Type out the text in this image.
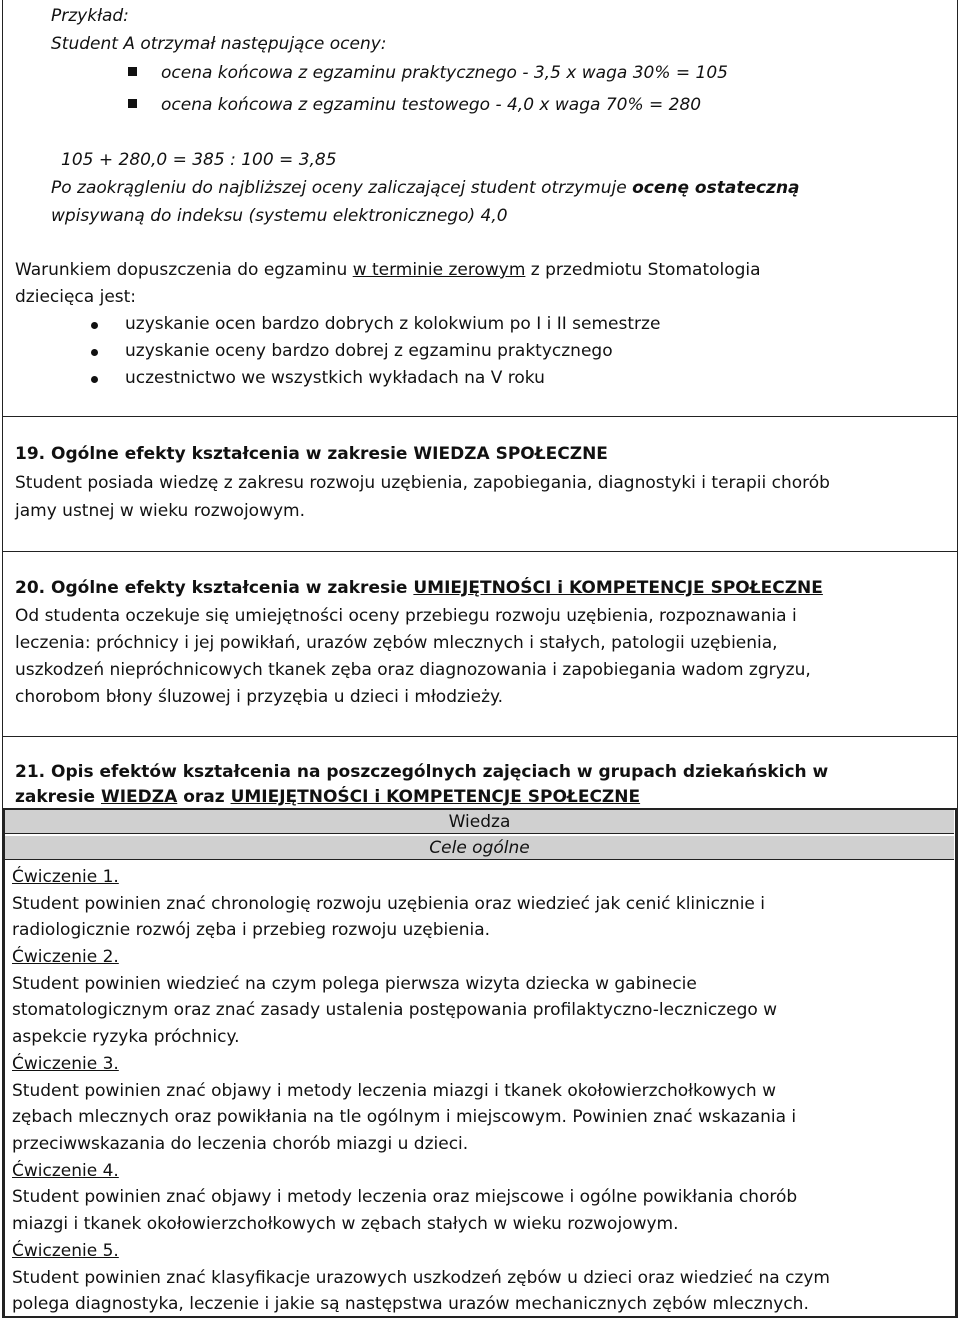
Przykład:
Student A otrzymał następujące oceny:
ocena końcowa z egzaminu praktycznego - 3,5 x waga 30% = 105
ocena końcowa z egzaminu testowego - 4,0 x waga 70% = 280
105 + 280,0 = 385 : 100 = 3,85
Po zaokrągleniu do najbliższej oceny zaliczającej student otrzymuje ocenę ostateczną
wpisywaną do indeksu (systemu elektronicznego) 4,0
Warunkiem dopuszczenia do egzaminu w terminie zerowym z przedmiotu Stomatologia
dziecięca jest:
uzyskanie ocen bardzo dobrych z kolokwium po I i II semestrze
uzyskanie oceny bardzo dobrej z egzaminu praktycznego
uczestnictwo we wszystkich wykładach na V roku
19. Ogólne efekty kształcenia w zakresie WIEDZA SPOŁECZNE
Student posiada wiedzę z zakresu rozwoju uzębienia, zapobiegania, diagnostyki i terapii chorób
jamy ustnej w wieku rozwojowym.
20. Ogólne efekty kształcenia w zakresie UMIEJĘTNOŚCI i KOMPETENCJE SPOŁECZNE
Od studenta oczekuje się umiejętności oceny przebiegu rozwoju uzębienia, rozpoznawania i
leczenia: próchnicy i jej powikłań, urazów zębów mlecznych i stałych, patologii uzębienia,
uszkodzeń niepróchnicowych tkanek zęba oraz diagnozowania i zapobiegania wadom zgryzu,
chorobom błony śluzowej i przyzębia u dzieci i młodzieży.
21. Opis efektów kształcenia na poszczególnych zajęciach w grupach dziekańskich w
zakresie WIEDZA oraz UMIEJĘTNOŚCI i KOMPETENCJE SPOŁECZNE
Wiedza
Cele ogólne
Ćwiczenie 1.
Student powinien znać chronologię rozwoju uzębienia oraz wiedzieć jak cenić klinicznie i
radiologicznie rozwój zęba i przebieg rozwoju uzębienia.
Ćwiczenie 2.
Student powinien wiedzieć na czym polega pierwsza wizyta dziecka w gabinecie
stomatologicznym oraz znać zasady ustalenia postępowania profilaktyczno-leczniczego w
aspekcie ryzyka próchnicy.
Ćwiczenie 3.
Student powinien znać objawy i metody leczenia miazgi i tkanek okołowierzchołkowych w
zębach mlecznych oraz powikłania na tle ogólnym i miejscowym. Powinien znać wskazania i
przeciwwskazania do leczenia chorób miazgi u dzieci.
Ćwiczenie 4.
Student powinien znać objawy i metody leczenia oraz miejscowe i ogólne powikłania chorób
miazgi i tkanek okołowierzchołkowych w zębach stałych w wieku rozwojowym.
Ćwiczenie 5.
Student powinien znać klasyfikacje urazowych uszkodzeń zębów u dzieci oraz wiedzieć na czym
polega diagnostyka, leczenie i jakie są następstwa urazów mechanicznych zębów mlecznych.
